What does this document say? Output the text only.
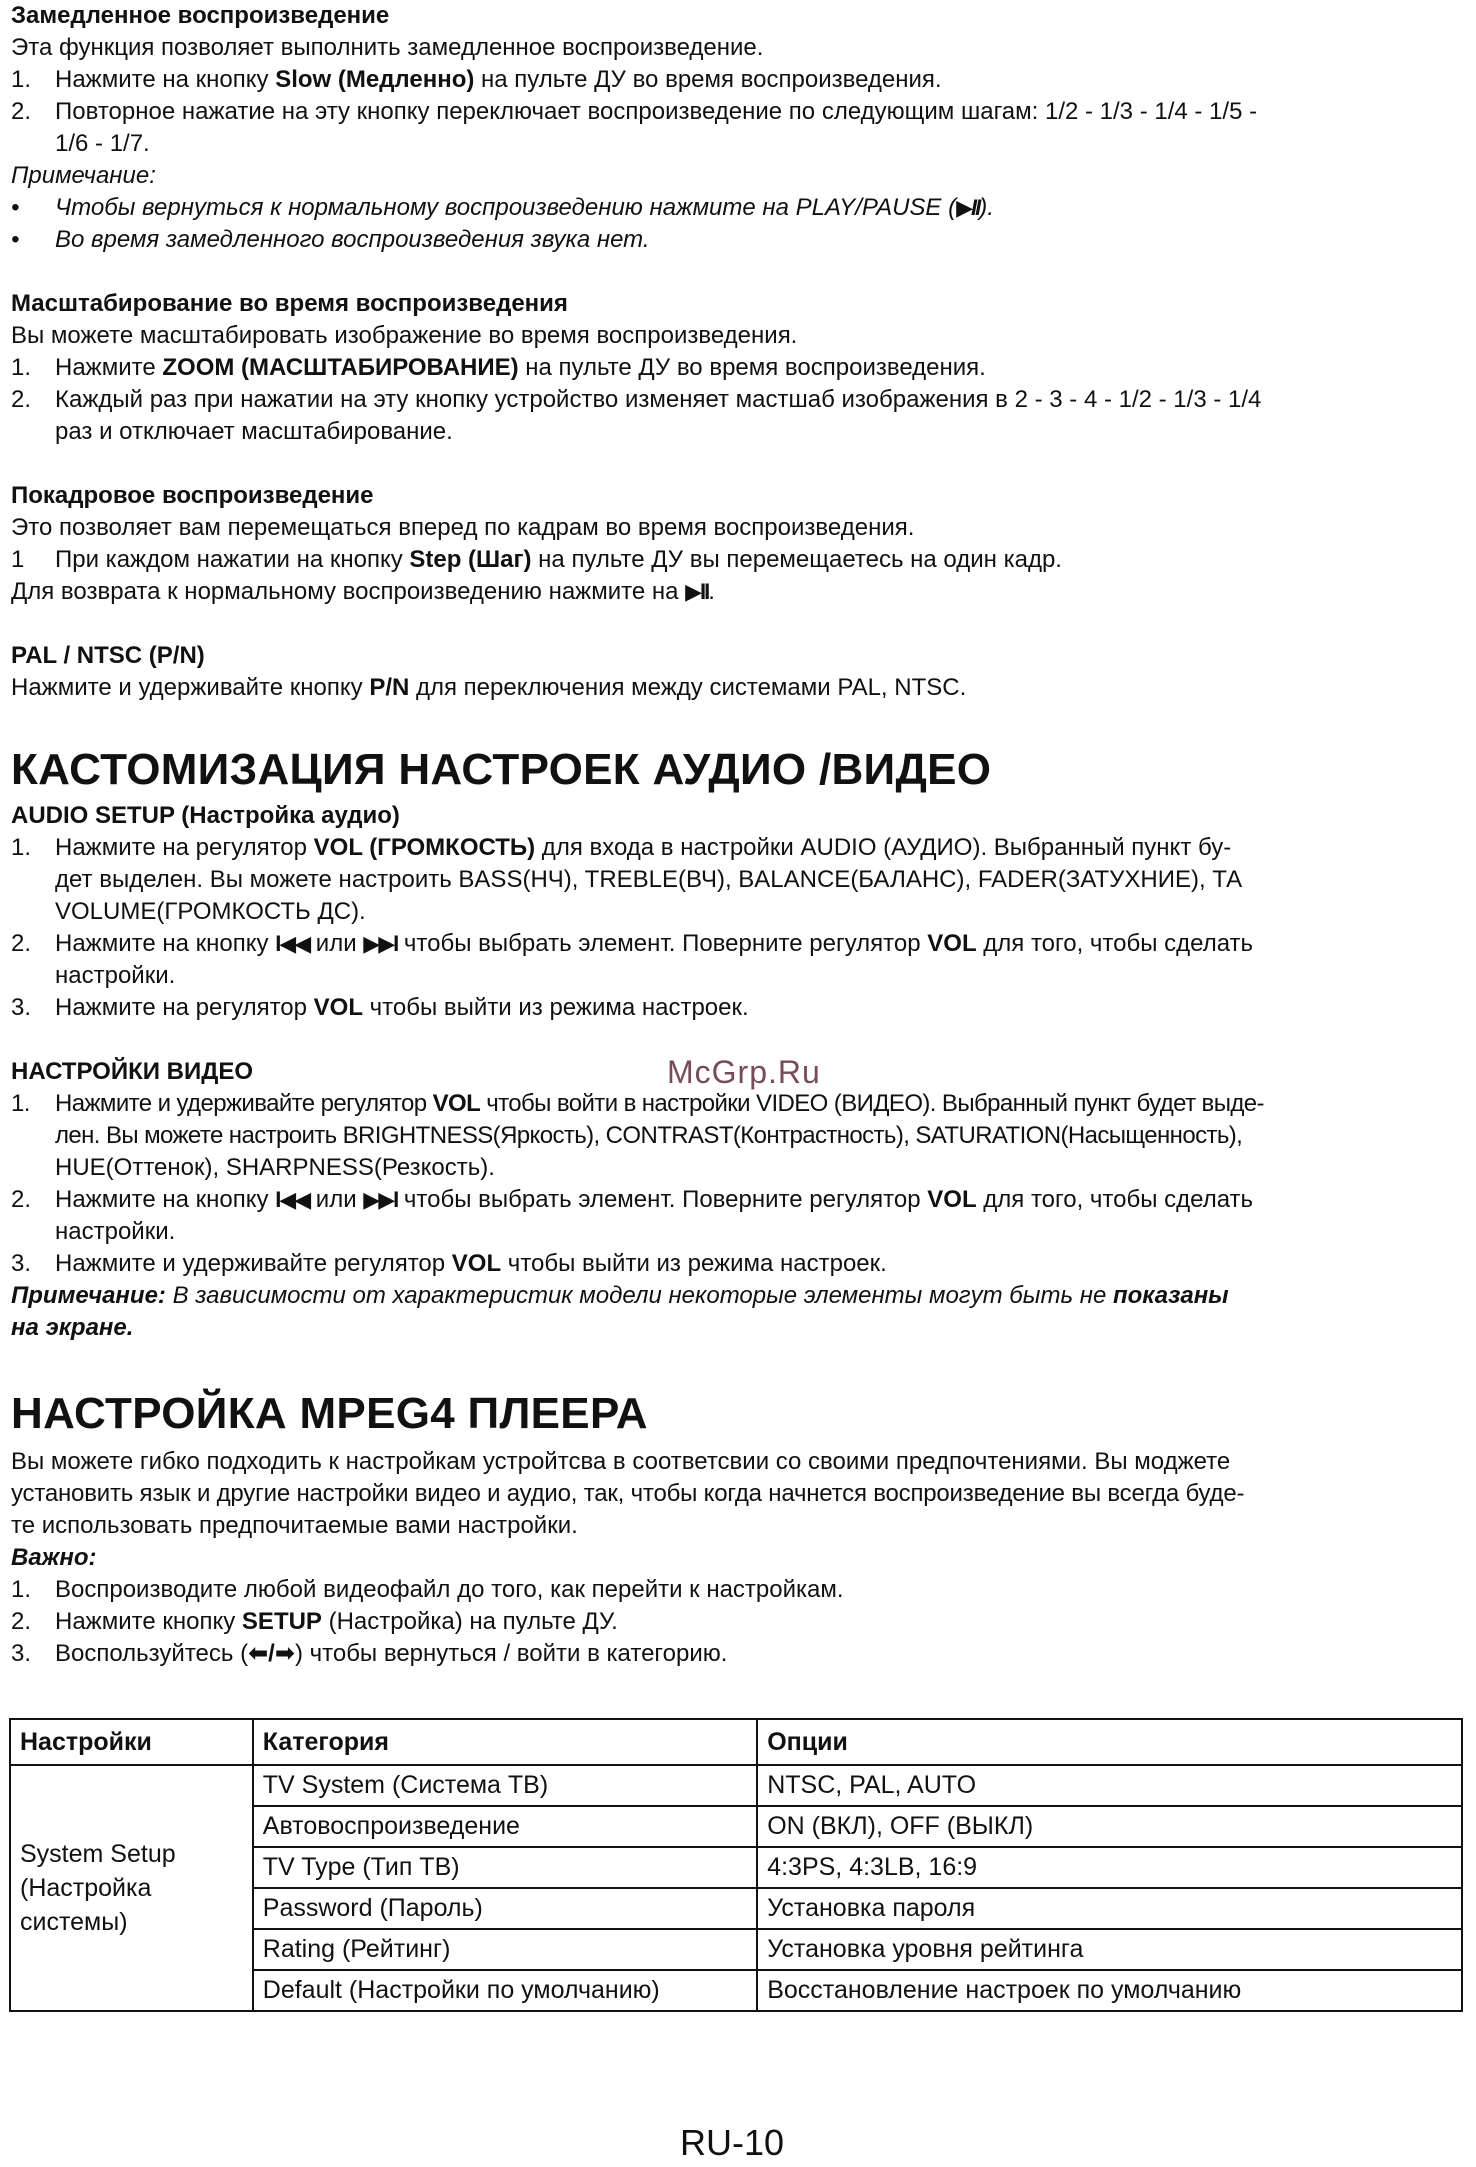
Замедленное воспроизведение
Эта функция позволяет выполнить замедленное воспроизведение.
1. Нажмите на кнопку Slow (Медленно) на пульте ДУ во время воспроизведения.
2. Повторное нажатие на эту кнопку переключает воспроизведение по следующим шагам: 1/2 - 1/3 - 1/4 - 1/5 -
1/6 - 1/7.
Примечание:
•	Чтобы вернуться к нормальному воспроизведению нажмите на PLAY/PAUSE (▶II).
•	Во время замедленного воспроизведения звука нет.
Масштабирование во время воспроизведения
Вы можете масштабировать изображение во время воспроизведения.
1. Нажмите ZOOM (МАСШТАБИРОВАНИЕ) на пульте ДУ во время воспроизведения.
2. Каждый раз при нажатии на эту кнопку устройство изменяет мастшаб изображения в 2 - 3 - 4 - 1/2 - 1/3 - 1/4
раз и отключает масштабирование.
Покадровое воспроизведение
Это позволяет вам перемещаться вперед по кадрам во время воспроизведения.
1	При каждом нажатии на кнопку Step (Шаг) на пульте ДУ вы перемещаетесь на один кадр.
Для возврата к нормальному воспроизведению нажмите на ▶II.
PAL / NTSC (P/N)
Нажмите и удерживайте кнопку P/N для переключения между системами PAL, NTSC.
КАСТОМИЗАЦИЯ НАСТРОЕК АУДИО /ВИДЕО
AUDIO SETUP (Настройка аудио)
1. Нажмите на регулятор VOL (ГРОМКОСТЬ) для входа в настройки AUDIO (АУДИО). Выбранный пункт бу-
дет выделен. Вы можете настроить BASS(НЧ), TREBLE(ВЧ), BALANCE(БАЛАНС), FADER(ЗАТУХНИЕ), ТА
VOLUME(ГРОМКОСТЬ ДС).
2. Нажмите на кнопку I◀◀ или ▶▶I чтобы выбрать элемент. Поверните регулятор VOL для того, чтобы сделать
настройки.
3. Нажмите на регулятор VOL чтобы выйти из режима настроек.
НАСТРОЙКИ ВИДЕО
1.	Нажмите и удерживайте регулятор VOL чтобы войти в настройки VIDEO (ВИДЕО). Выбранный пункт будет выде-
лен. Вы можете настроить BRIGHTNESS(Яркость), CONTRAST(Контрастность), SATURATION(Насыщенность),
HUE(Оттенок), SHARPNESS(Резкость).
2. Нажмите на кнопку I◀◀ или ▶▶I чтобы выбрать элемент. Поверните регулятор VOL для того, чтобы сделать
настройки.
3. Нажмите и удерживайте регулятор VOL чтобы выйти из режима настроек.
Примечание: В зависимости от характеристик модели некоторые элементы могут быть не показаны
на экране.
НАСТРОЙКА MPEG4 ПЛЕЕРА
Вы можете гибко подходить к настройкам устройтсва в соответсвии со своими предпочтениями. Вы моджете
установить язык и другие настройки видео и аудио, так, чтобы когда начнется воспроизведение вы всегда буде-
те использовать предпочитаемые вами настройки.
Важно:
1. Воспроизводите любой видеофайл до того, как перейти к настройкам.
2. Нажмите кнопку SETUP (Настройка) на пульте ДУ.
3. Воспользуйтесь (⬅/➡) чтобы вернуться / войти в категорию.
McGrp.Ru
Настройки	Категория	Опции

System Setup
(Настройка
системы)	TV System (Система ТВ)	NTSC, PAL, AUTO
	Автовоспроизведение	ON (ВКЛ), OFF (ВЫКЛ)
	TV Type (Тип ТВ)	4:3PS, 4:3LB, 16:9
	Password (Пароль)	Установка пароля
	Rating (Рейтинг)	Установка уровня рейтинга
	Default (Настройки по умолчанию)	Восстановление настроек по умолчанию
RU-10
